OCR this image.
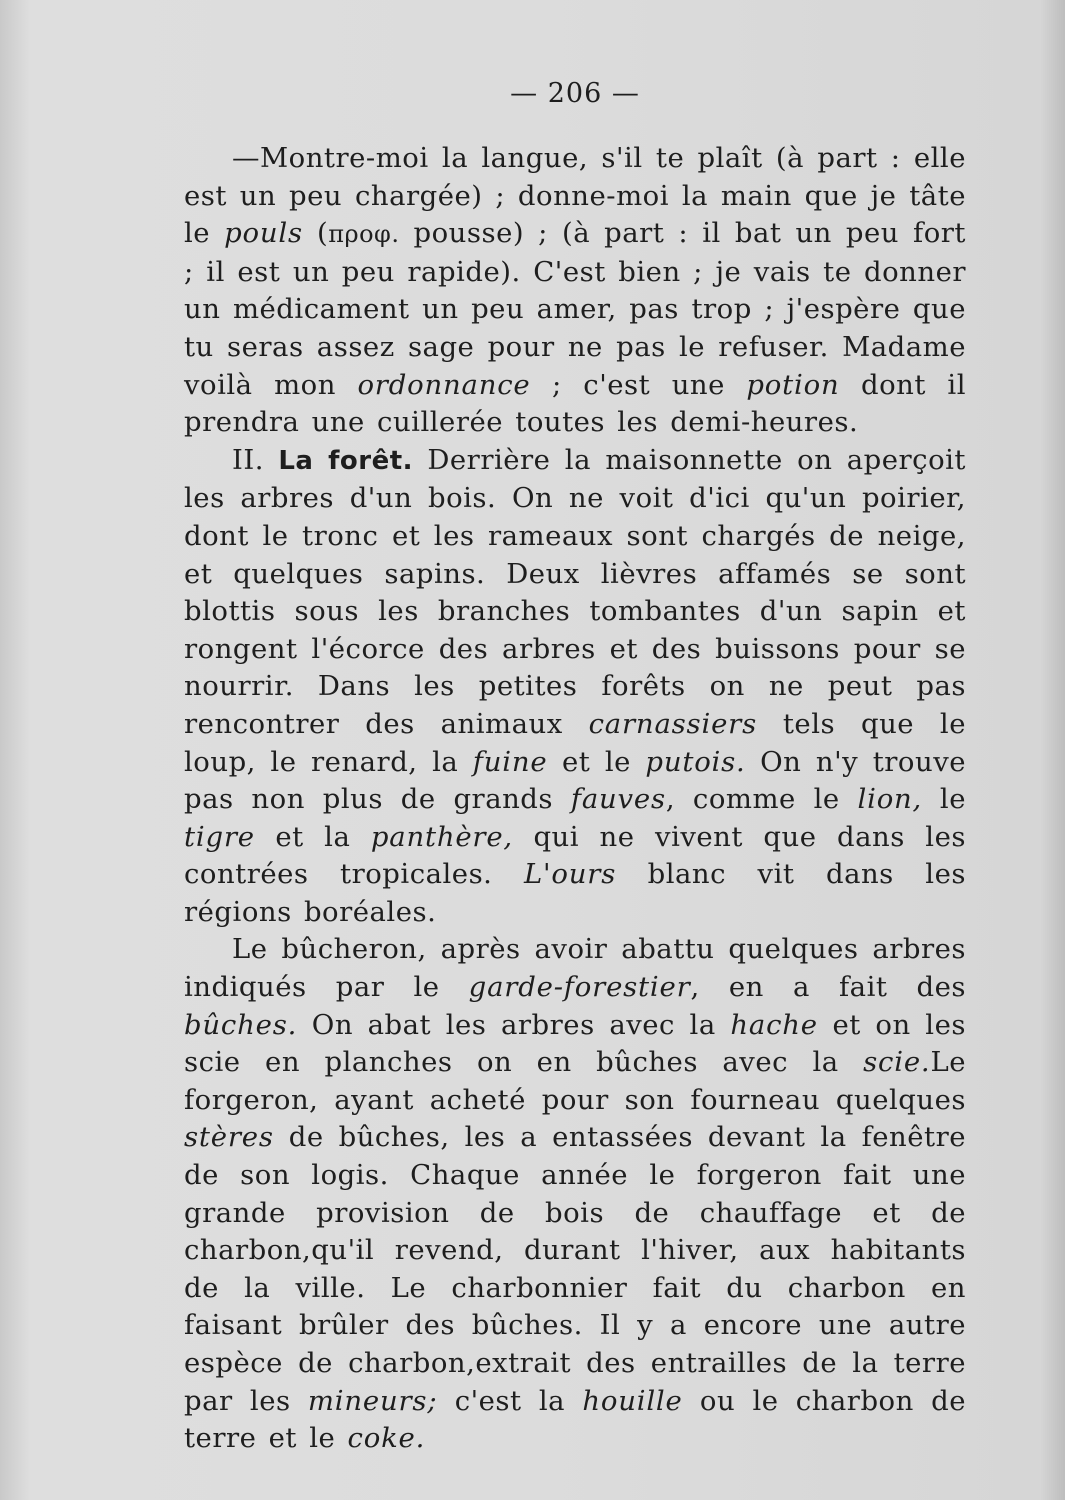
— 206 —

—Montre-moi la langue, s'il te plaît (à part : elle est un peu chargée) ; donne-moi la main que je tâte le pouls (προφ. pousse) ; (à part : il bat un peu fort ; il est un peu rapide). C'est bien ; je vais te donner un médicament un peu amer, pas trop ; j'espère que tu seras assez sage pour ne pas le refuser. Madame voilà mon ordonnance ; c'est une potion dont il prendra une cuillerée toutes les demi-heures.

II. La forêt. Derrière la maisonnette on aperçoit les arbres d'un bois. On ne voit d'ici qu'un poirier, dont le tronc et les rameaux sont chargés de neige, et quelques sapins. Deux lièvres affamés se sont blottis sous les branches tombantes d'un sapin et rongent l'écorce des arbres et des buissons pour se nourrir. Dans les petites forêts on ne peut pas rencontrer des animaux carnassiers tels que le loup, le renard, la fuine et le putois. On n'y trouve pas non plus de grands fauves, comme le lion, le tigre et la panthère, qui ne vivent que dans les contrées tropicales. L'ours blanc vit dans les régions boréales.

Le bûcheron, après avoir abattu quelques arbres indiqués par le garde-forestier, en a fait des bûches. On abat les arbres avec la hache et on les scie en planches on en bûches avec la scie.Le forgeron, ayant acheté pour son fourneau quelques stères de bûches, les a entassées devant la fenêtre de son logis. Chaque année le forgeron fait une grande provision de bois de chauffage et de charbon,qu'il revend, durant l'hiver, aux habitants de la ville. Le charbonnier fait du charbon en faisant brûler des bûches. Il y a encore une autre espèce de charbon,extrait des entrailles de la terre par les mineurs; c'est la houille ou le charbon de terre et le coke.
